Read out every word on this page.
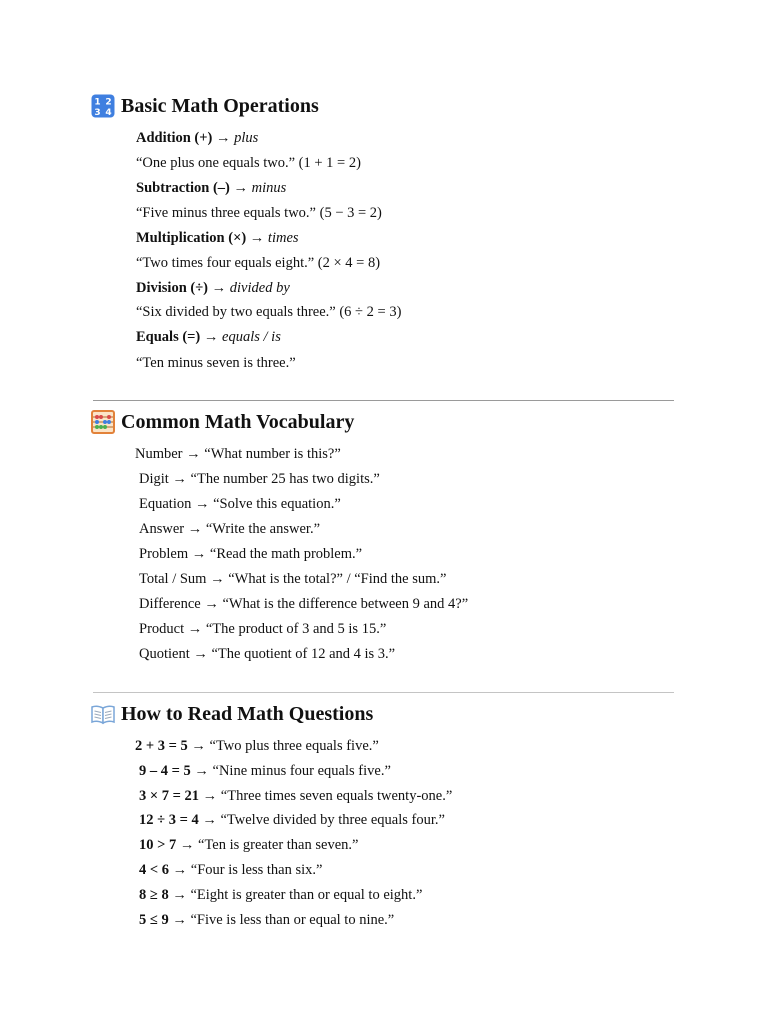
1 2
3 4 Basic Math Operations
Addition (+) → plus
“One plus one equals two.” (1 + 1 = 2)
Subtraction (–) → minus
“Five minus three equals two.” (5 − 3 = 2)
Multiplication (×) → times
“Two times four equals eight.” (2 × 4 = 8)
Division (÷) → divided by
“Six divided by two equals three.” (6 ÷ 2 = 3)
Equals (=) → equals / is
“Ten minus seven is three.”
Common Math Vocabulary
Number → “What number is this?”
Digit → “The number 25 has two digits.”
Equation → “Solve this equation.”
Answer → “Write the answer.”
Problem → “Read the math problem.”
Total / Sum → “What is the total?” / “Find the sum.”
Difference → “What is the difference between 9 and 4?”
Product → “The product of 3 and 5 is 15.”
Quotient → “The quotient of 12 and 4 is 3.”
How to Read Math Questions
2 + 3 = 5 → “Two plus three equals five.”
9 – 4 = 5 → “Nine minus four equals five.”
3 × 7 = 21 → “Three times seven equals twenty-one.”
12 ÷ 3 = 4 → “Twelve divided by three equals four.”
10 > 7 → “Ten is greater than seven.”
4 < 6 → “Four is less than six.”
8 ≥ 8 → “Eight is greater than or equal to eight.”
5 ≤ 9 → “Five is less than or equal to nine.”
